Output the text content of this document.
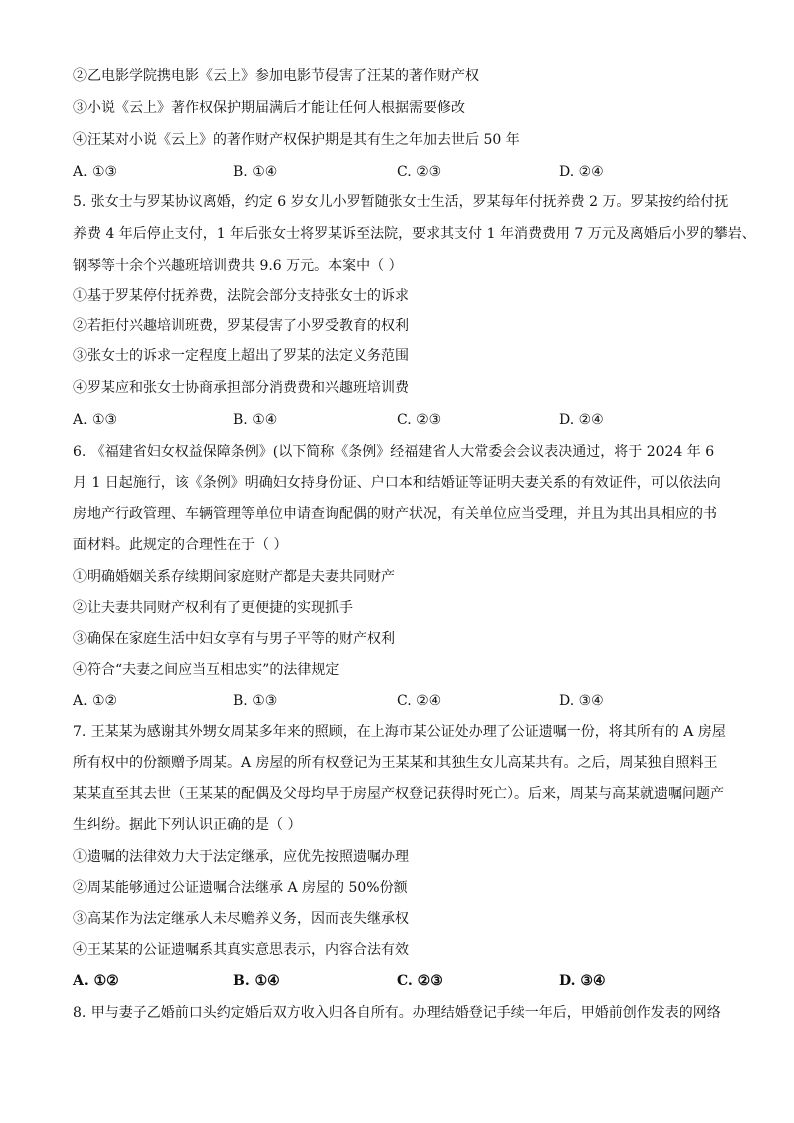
②乙电影学院携电影《云上》参加电影节侵害了汪某的著作财产权
③小说《云上》著作权保护期届满后才能让任何人根据需要修改
④汪某对小说《云上》的著作财产权保护期是其有生之年加去世后 50 年
A. ①③	B. ①④	C. ②③	D. ②④
5. 张女士与罗某协议离婚，约定 6 岁女儿小罗暂随张女士生活，罗某每年付抚养费 2 万。罗某按约给付抚
养费 4 年后停止支付，1 年后张女士将罗某诉至法院，要求其支付 1 年消费费用 7 万元及离婚后小罗的攀岩、
钢琴等十余个兴趣班培训费共 9.6 万元。本案中（ ）
①基于罗某停付抚养费，法院会部分支持张女士的诉求
②若拒付兴趣培训班费，罗某侵害了小罗受教育的权利
③张女士的诉求一定程度上超出了罗某的法定义务范围
④罗某应和张女士协商承担部分消费费和兴趣班培训费
A. ①③	B. ①④	C. ②③	D. ②④
6. 《福建省妇女权益保障条例》(以下简称《条例》经福建省人大常委会会议表决通过，将于 2024 年 6
月 1 日起施行，该《条例》明确妇女持身份证、户口本和结婚证等证明夫妻关系的有效证件，可以依法向
房地产行政管理、车辆管理等单位申请查询配偶的财产状况，有关单位应当受理，并且为其出具相应的书
面材料。此规定的合理性在于（ ）
①明确婚姻关系存续期间家庭财产都是夫妻共同财产
②让夫妻共同财产权利有了更便捷的实现抓手
③确保在家庭生活中妇女享有与男子平等的财产权利
④符合“夫妻之间应当互相忠实”的法律规定
A. ①②	B. ①③	C. ②④	D. ③④
7. 王某某为感谢其外甥女周某多年来的照顾，在上海市某公证处办理了公证遗嘱一份，将其所有的 A 房屋
所有权中的份额赠予周某。A 房屋的所有权登记为王某某和其独生女儿高某共有。之后，周某独自照料王
某某直至其去世（王某某的配偶及父母均早于房屋产权登记获得时死亡）。后来，周某与高某就遗嘱问题产
生纠纷。据此下列认识正确的是（ ）
①遗嘱的法律效力大于法定继承，应优先按照遗嘱办理
②周某能够通过公证遗嘱合法继承 A 房屋的 50%份额
③高某作为法定继承人未尽赡养义务，因而丧失继承权
④王某某的公证遗嘱系其真实意思表示，内容合法有效
A. ①②	B. ①④	C. ②③	D. ③④
8. 甲与妻子乙婚前口头约定婚后双方收入归各自所有。办理结婚登记手续一年后，甲婚前创作发表的网络
